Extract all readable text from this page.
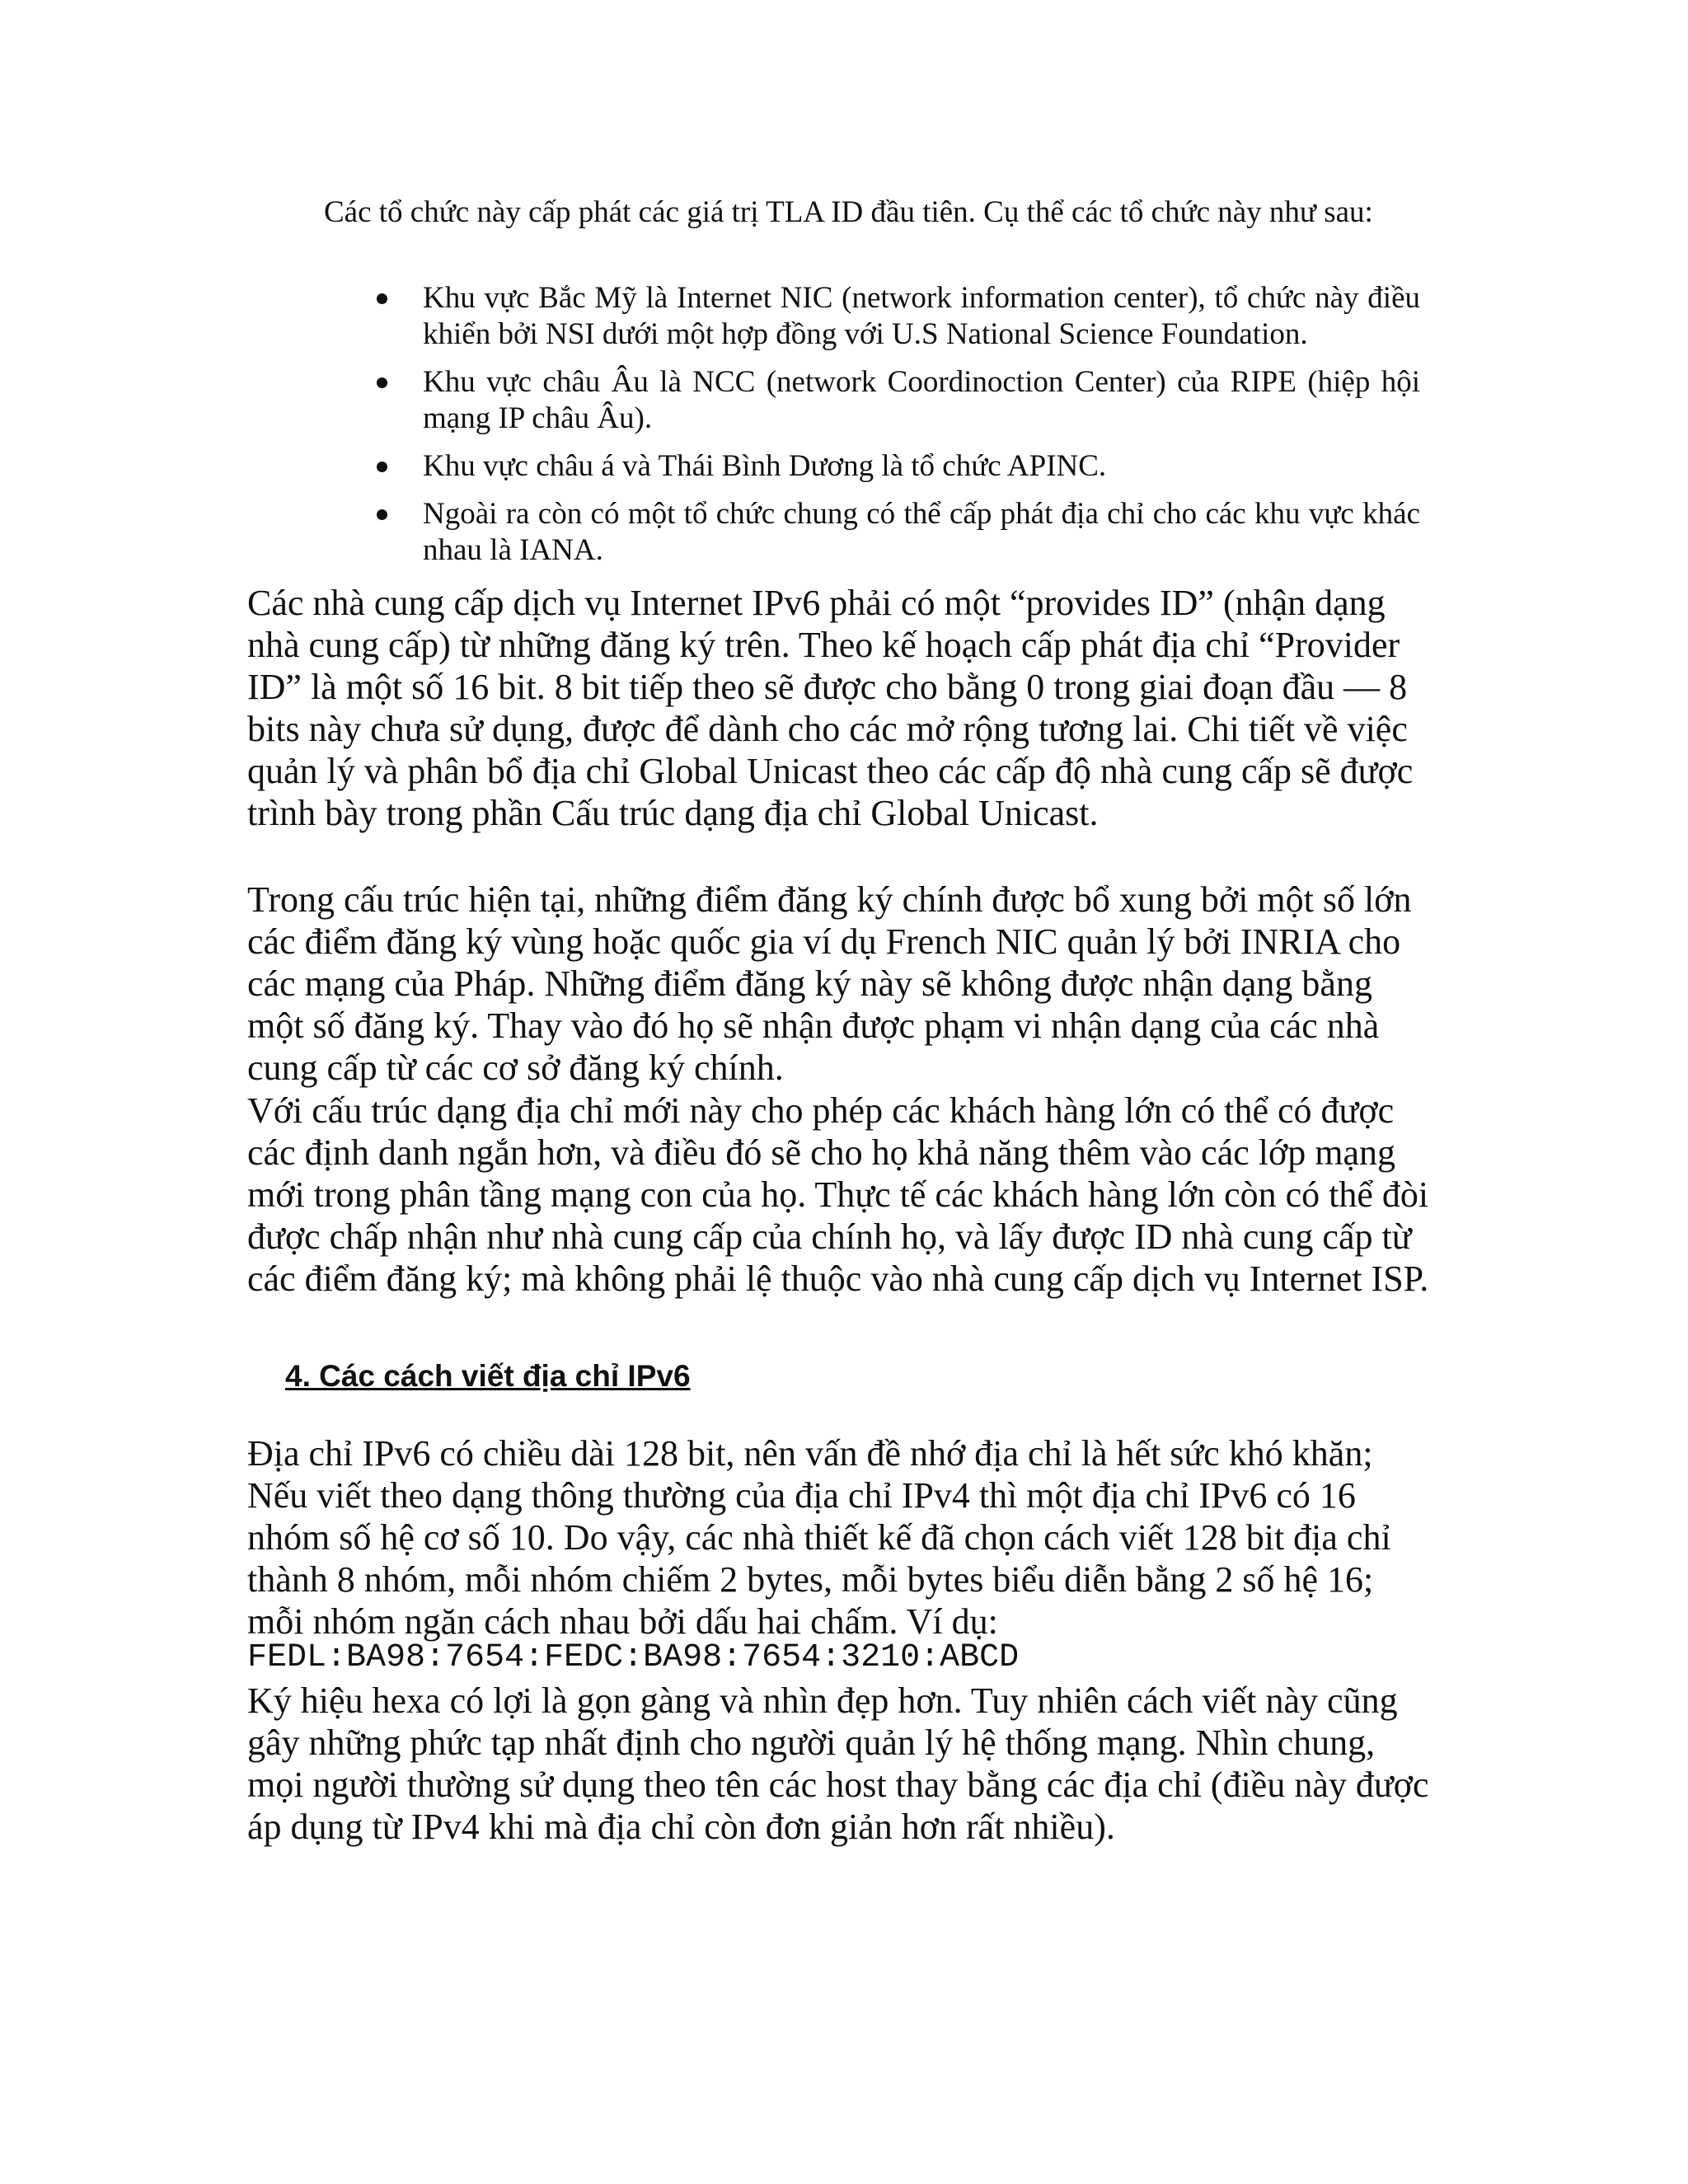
Các tổ chức này cấp phát các giá trị TLA ID đầu tiên. Cụ thể các tổ chức này như sau:

Khu vực Bắc Mỹ là Internet NIC (network information center), tổ chức này điều khiển bởi NSI dưới một hợp đồng với U.S National Science Foundation.
Khu vực châu Âu là NCC (network Coordinoction Center) của RIPE (hiệp hội mạng IP châu Âu).
Khu vực châu á và Thái Bình Dương là tổ chức APINC.
Ngoài ra còn có một tổ chức chung có thể cấp phát địa chỉ cho các khu vực khác nhau là IANA.

Các nhà cung cấp dịch vụ Internet IPv6 phải có một “provides ID” (nhận dạng nhà cung cấp) từ những đăng ký trên. Theo kế hoạch cấp phát địa chỉ “Provider ID” là một số 16 bit. 8 bit tiếp theo sẽ được cho bằng 0 trong giai đoạn đầu — 8 bits này chưa sử dụng, được để dành cho các mở rộng tương lai. Chi tiết về việc quản lý và phân bổ địa chỉ Global Unicast theo các cấp độ nhà cung cấp sẽ được trình bày trong phần Cấu trúc dạng địa chỉ Global Unicast.

Trong cấu trúc hiện tại, những điểm đăng ký chính được bổ xung bởi một số lớn các điểm đăng ký vùng hoặc quốc gia ví dụ French NIC quản lý bởi INRIA cho các mạng của Pháp. Những điểm đăng ký này sẽ không được nhận dạng bằng một số đăng ký. Thay vào đó họ sẽ nhận được phạm vi nhận dạng của các nhà cung cấp từ các cơ sở đăng ký chính.

Với cấu trúc dạng địa chỉ mới này cho phép các khách hàng lớn có thể có được các định danh ngắn hơn, và điều đó sẽ cho họ khả năng thêm vào các lớp mạng mới trong phân tầng mạng con của họ. Thực tế các khách hàng lớn còn có thể đòi được chấp nhận như nhà cung cấp của chính họ, và lấy được ID nhà cung cấp từ các điểm đăng ký; mà không phải lệ thuộc vào nhà cung cấp dịch vụ Internet ISP.

4. Các cách viết địa chỉ IPv6

Địa chỉ IPv6 có chiều dài 128 bit, nên vấn đề nhớ địa chỉ là hết sức khó khăn; Nếu viết theo dạng thông thường của địa chỉ IPv4 thì một địa chỉ IPv6 có 16 nhóm số hệ cơ số 10. Do vậy, các nhà thiết kế đã chọn cách viết 128 bit địa chỉ thành 8 nhóm, mỗi nhóm chiếm 2 bytes, mỗi bytes biểu diễn bằng 2 số hệ 16; mỗi nhóm ngăn cách nhau bởi dấu hai chấm. Ví dụ:

FEDL:BA98:7654:FEDC:BA98:7654:3210:ABCD

Ký hiệu hexa có lợi là gọn gàng và nhìn đẹp hơn. Tuy nhiên cách viết này cũng gây những phức tạp nhất định cho người quản lý hệ thống mạng. Nhìn chung, mọi người thường sử dụng theo tên các host thay bằng các địa chỉ (điều này được áp dụng từ IPv4 khi mà địa chỉ còn đơn giản hơn rất nhiều).
